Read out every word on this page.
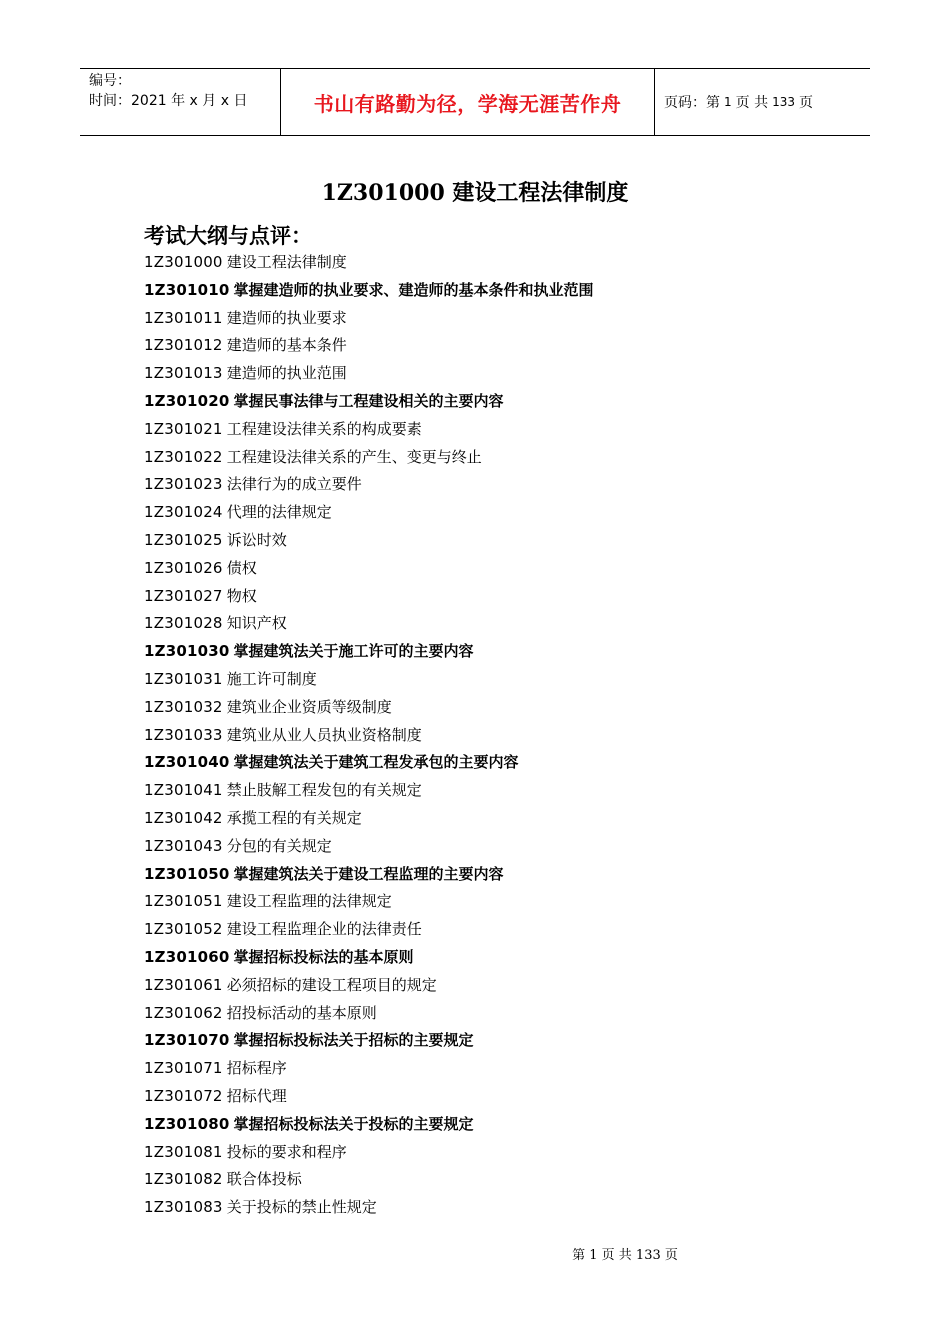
编号：
时间：2021 年 x 月 x 日	书山有路勤为径，学海无涯苦作舟	页码：第 1 页 共 133 页
1Z301000 建设工程法律制度
考试大纲与点评：
1Z301000 建设工程法律制度
1Z301010 掌握建造师的执业要求、建造师的基本条件和执业范围
1Z301011 建造师的执业要求
1Z301012 建造师的基本条件
1Z301013 建造师的执业范围
1Z301020 掌握民事法律与工程建设相关的主要内容
1Z301021 工程建设法律关系的构成要素
1Z301022 工程建设法律关系的产生、变更与终止
1Z301023 法律行为的成立要件
1Z301024 代理的法律规定
1Z301025 诉讼时效
1Z301026 债权
1Z301027 物权
1Z301028 知识产权
1Z301030 掌握建筑法关于施工许可的主要内容
1Z301031 施工许可制度
1Z301032 建筑业企业资质等级制度
1Z301033 建筑业从业人员执业资格制度
1Z301040 掌握建筑法关于建筑工程发承包的主要内容
1Z301041 禁止肢解工程发包的有关规定
1Z301042 承揽工程的有关规定
1Z301043 分包的有关规定
1Z301050 掌握建筑法关于建设工程监理的主要内容
1Z301051 建设工程监理的法律规定
1Z301052 建设工程监理企业的法律责任
1Z301060 掌握招标投标法的基本原则
1Z301061 必须招标的建设工程项目的规定
1Z301062 招投标活动的基本原则
1Z301070 掌握招标投标法关于招标的主要规定
1Z301071 招标程序
1Z301072 招标代理
1Z301080 掌握招标投标法关于投标的主要规定
1Z301081 投标的要求和程序
1Z301082 联合体投标
1Z301083 关于投标的禁止性规定
第 1 页 共 133 页
